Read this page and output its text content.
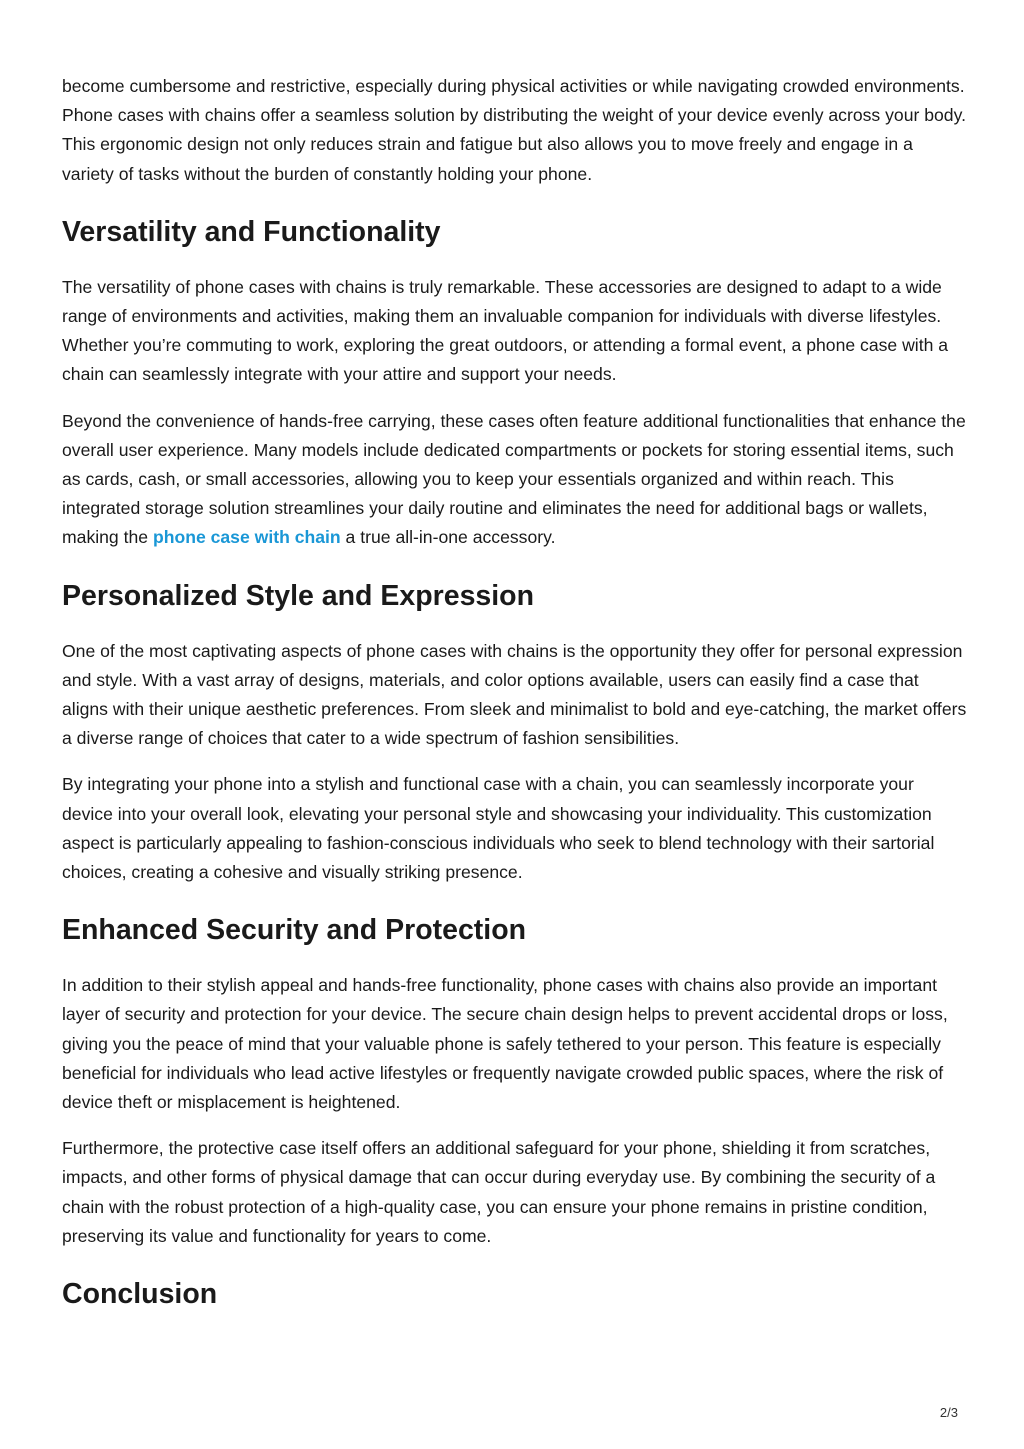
become cumbersome and restrictive, especially during physical activities or while navigating crowded environments. Phone cases with chains offer a seamless solution by distributing the weight of your device evenly across your body. This ergonomic design not only reduces strain and fatigue but also allows you to move freely and engage in a variety of tasks without the burden of constantly holding your phone.

Versatility and Functionality

The versatility of phone cases with chains is truly remarkable. These accessories are designed to adapt to a wide range of environments and activities, making them an invaluable companion for individuals with diverse lifestyles. Whether you’re commuting to work, exploring the great outdoors, or attending a formal event, a phone case with a chain can seamlessly integrate with your attire and support your needs.

Beyond the convenience of hands-free carrying, these cases often feature additional functionalities that enhance the overall user experience. Many models include dedicated compartments or pockets for storing essential items, such as cards, cash, or small accessories, allowing you to keep your essentials organized and within reach. This integrated storage solution streamlines your daily routine and eliminates the need for additional bags or wallets, making the phone case with chain a true all-in-one accessory.

Personalized Style and Expression

One of the most captivating aspects of phone cases with chains is the opportunity they offer for personal expression and style. With a vast array of designs, materials, and color options available, users can easily find a case that aligns with their unique aesthetic preferences. From sleek and minimalist to bold and eye-catching, the market offers a diverse range of choices that cater to a wide spectrum of fashion sensibilities.

By integrating your phone into a stylish and functional case with a chain, you can seamlessly incorporate your device into your overall look, elevating your personal style and showcasing your individuality. This customization aspect is particularly appealing to fashion-conscious individuals who seek to blend technology with their sartorial choices, creating a cohesive and visually striking presence.

Enhanced Security and Protection

In addition to their stylish appeal and hands-free functionality, phone cases with chains also provide an important layer of security and protection for your device. The secure chain design helps to prevent accidental drops or loss, giving you the peace of mind that your valuable phone is safely tethered to your person. This feature is especially beneficial for individuals who lead active lifestyles or frequently navigate crowded public spaces, where the risk of device theft or misplacement is heightened.

Furthermore, the protective case itself offers an additional safeguard for your phone, shielding it from scratches, impacts, and other forms of physical damage that can occur during everyday use. By combining the security of a chain with the robust protection of a high-quality case, you can ensure your phone remains in pristine condition, preserving its value and functionality for years to come.

Conclusion
2/3
